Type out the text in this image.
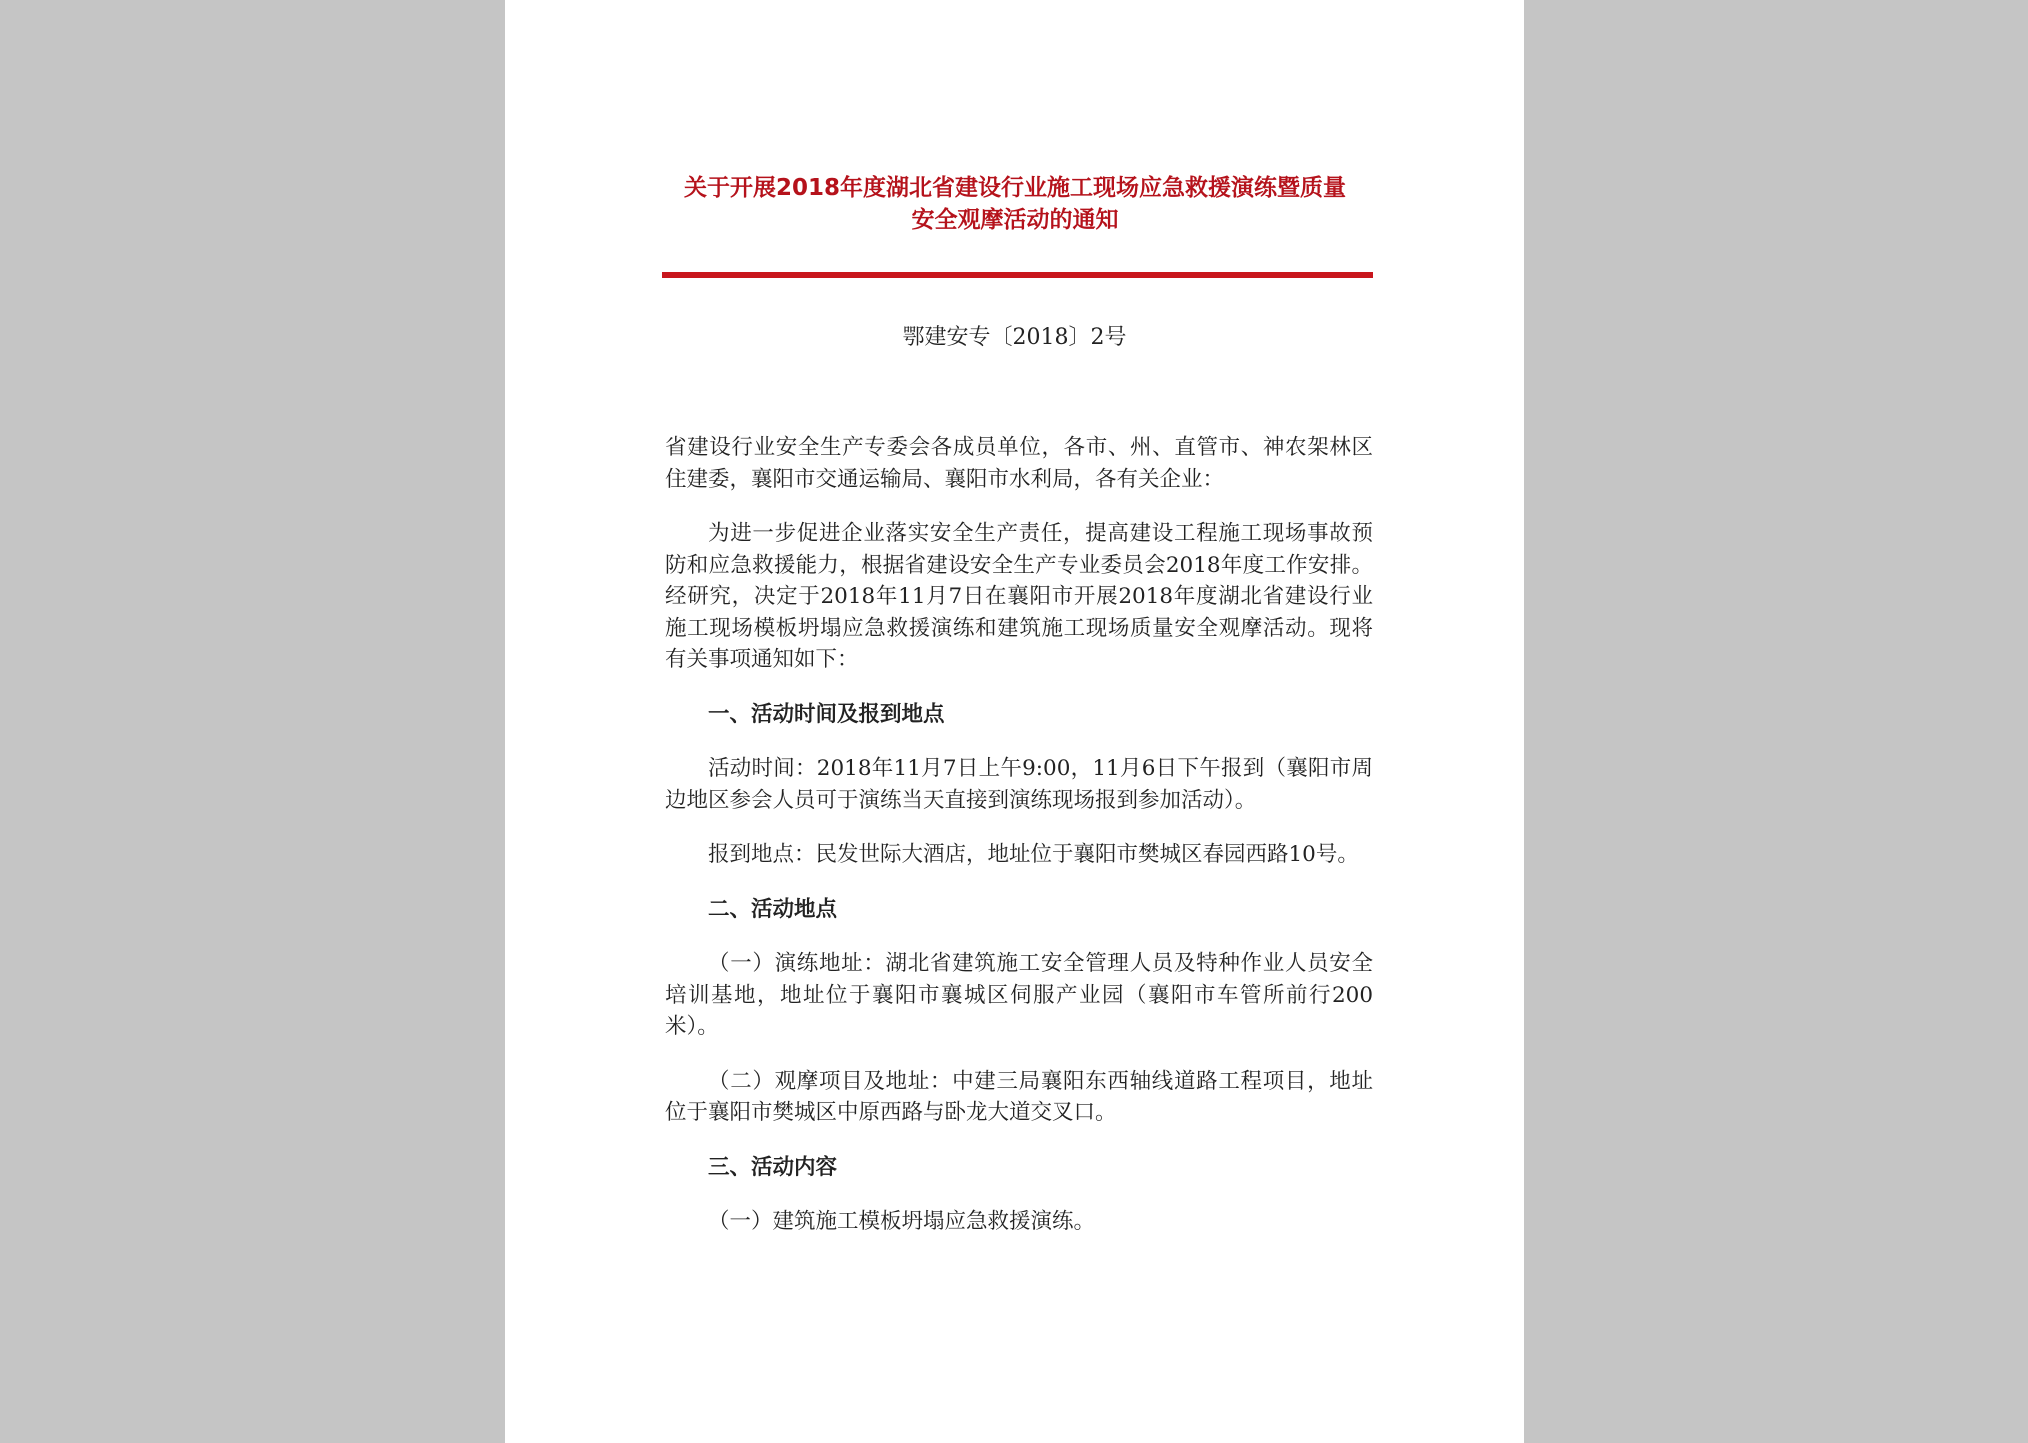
关于开展2018年度湖北省建设行业施工现场应急救援演练暨质量
安全观摩活动的通知
鄂建安专〔2018〕2号

省建设行业安全生产专委会各成员单位，各市、州、直管市、神农架林区住建委，襄阳市交通运输局、襄阳市水利局，各有关企业：

为进一步促进企业落实安全生产责任，提高建设工程施工现场事故预防和应急救援能力，根据省建设安全生产专业委员会2018年度工作安排。经研究，决定于2018年11月7日在襄阳市开展2018年度湖北省建设行业施工现场模板坍塌应急救援演练和建筑施工现场质量安全观摩活动。现将有关事项通知如下：

一、活动时间及报到地点

活动时间：2018年11月7日上午9:00，11月6日下午报到（襄阳市周边地区参会人员可于演练当天直接到演练现场报到参加活动）。

报到地点：民发世际大酒店，地址位于襄阳市樊城区春园西路10号。

二、活动地点

（一）演练地址：湖北省建筑施工安全管理人员及特种作业人员安全培训基地，地址位于襄阳市襄城区伺服产业园（襄阳市车管所前行200米）。

（二）观摩项目及地址：中建三局襄阳东西轴线道路工程项目，地址位于襄阳市樊城区中原西路与卧龙大道交叉口。

三、活动内容

（一）建筑施工模板坍塌应急救援演练。
